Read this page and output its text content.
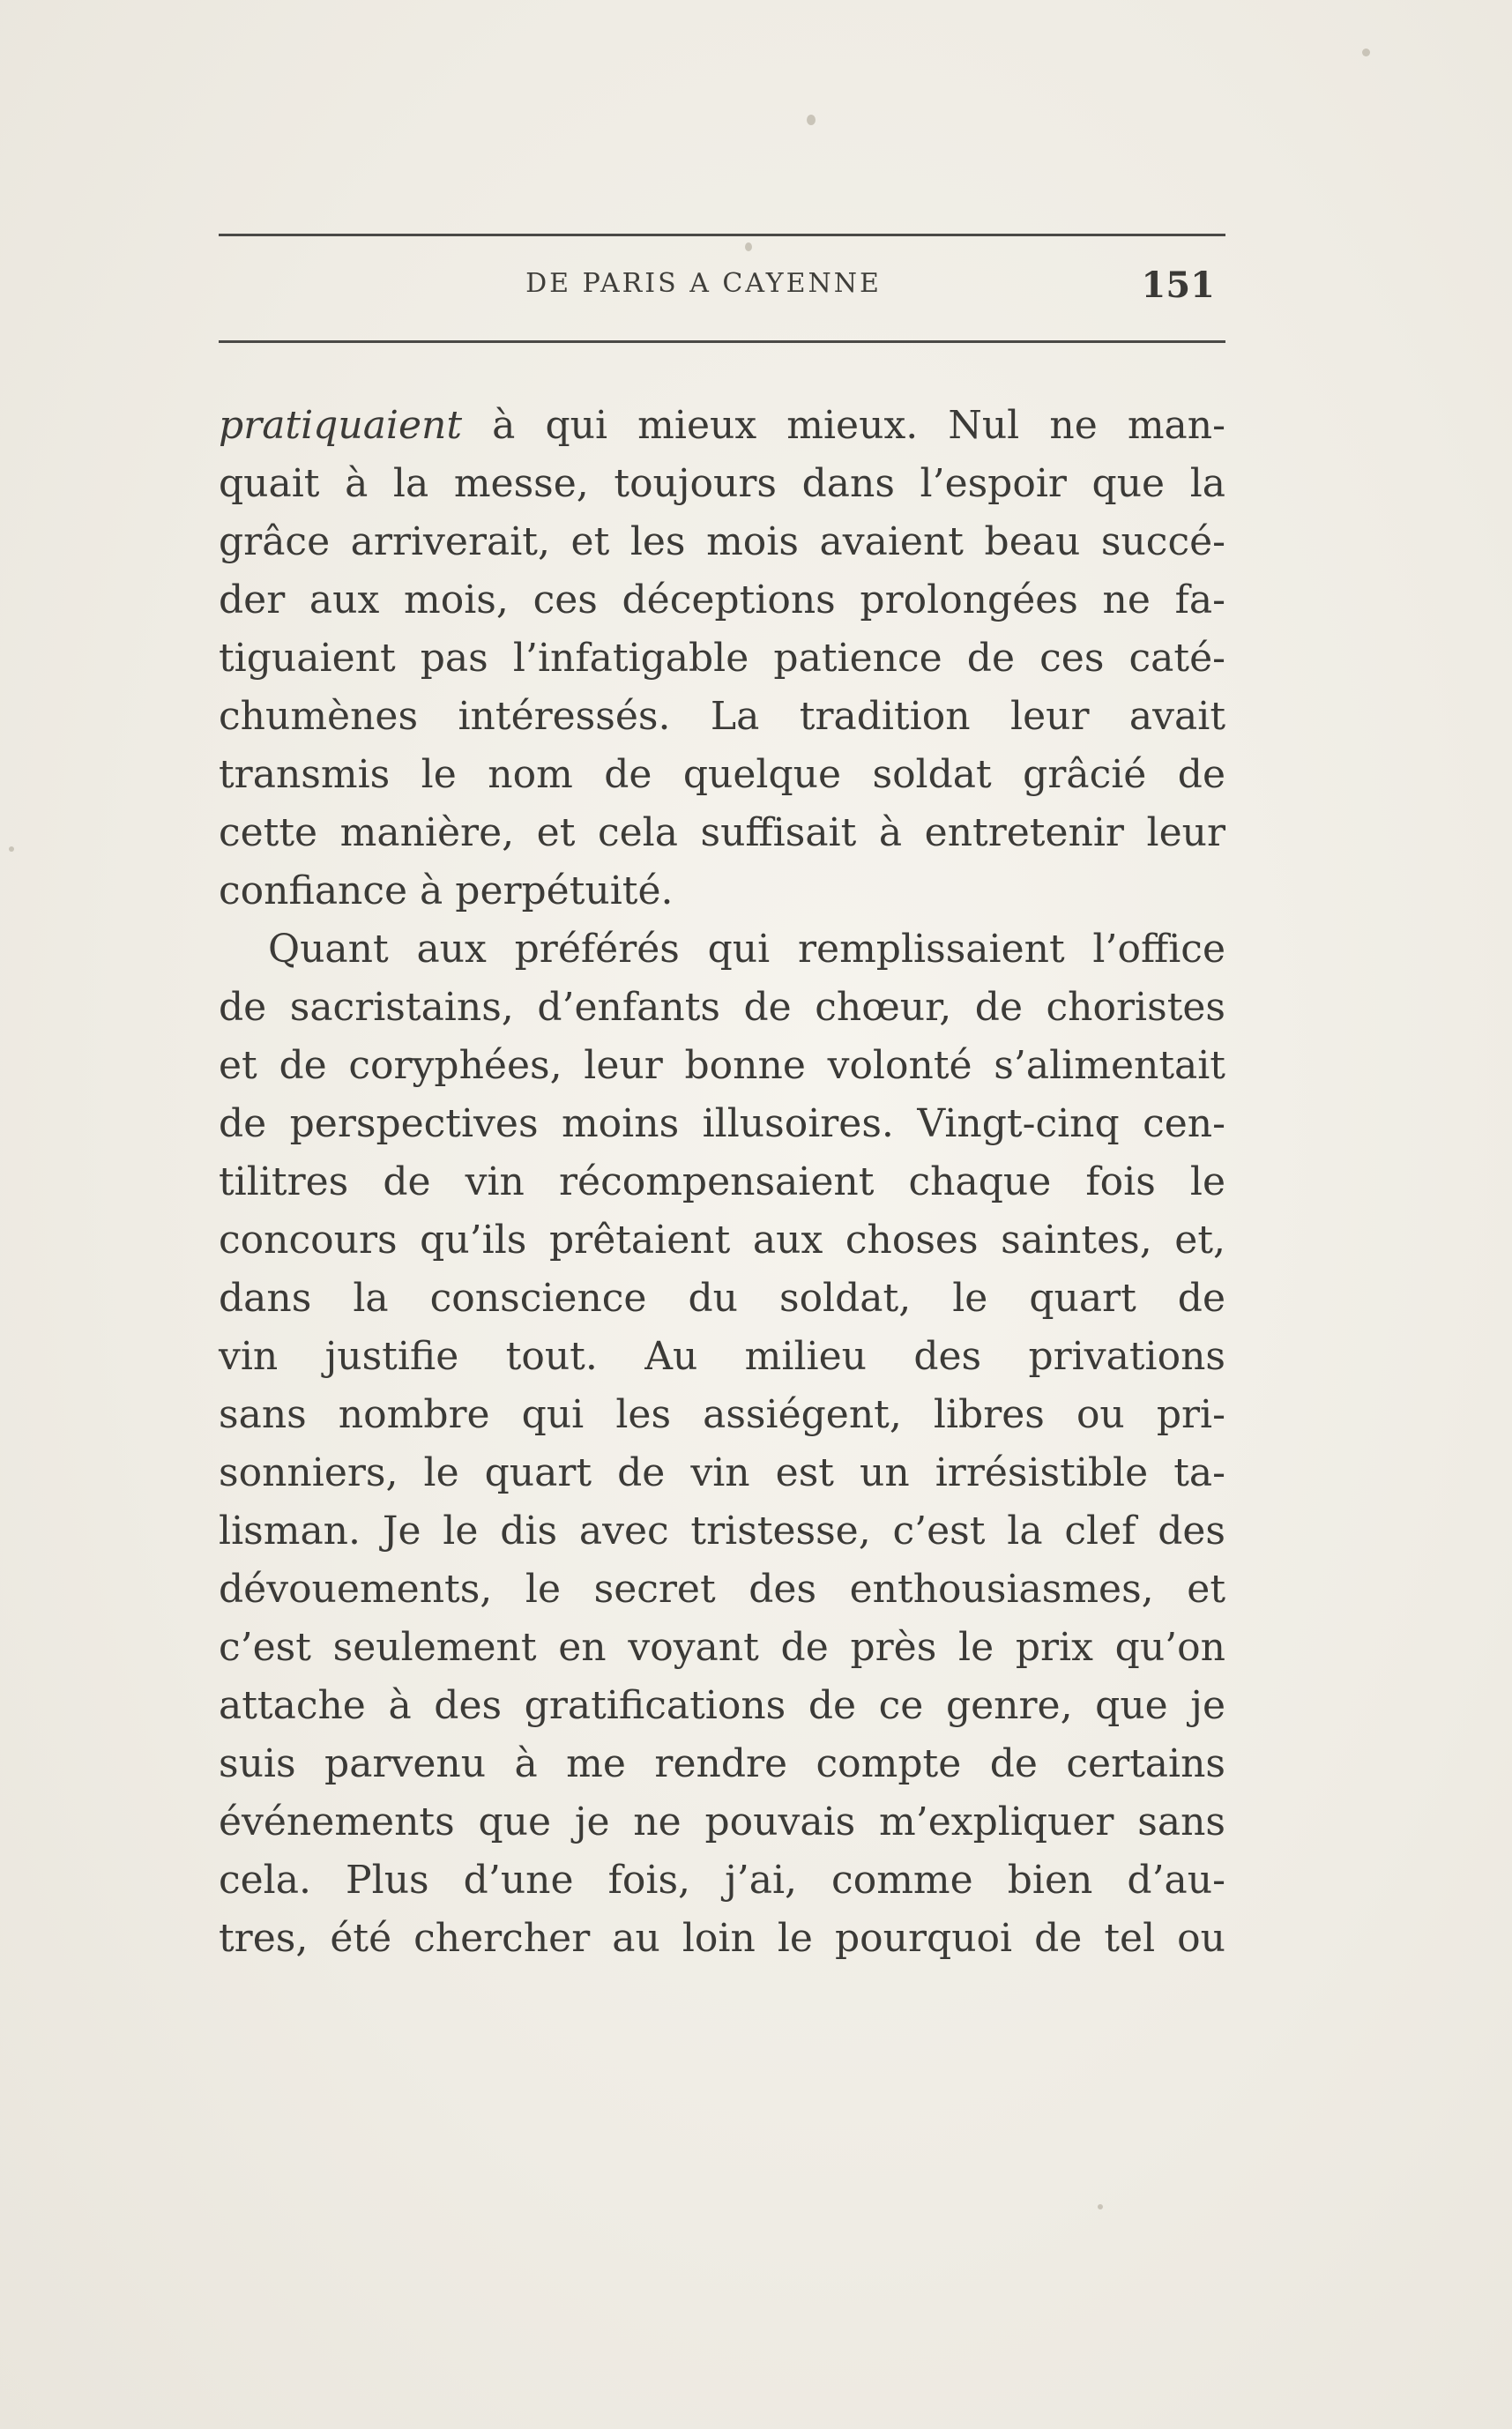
DE PARIS A CAYENNE	151
pratiquaient à qui mieux mieux. Nul ne man-
quait à la messe, toujours dans l’espoir que la
grâce arriverait, et les mois avaient beau succé-
der aux mois, ces déceptions prolongées ne fa-
tiguaient pas l’infatigable patience de ces caté-
chumènes intéressés. La tradition leur avait
transmis le nom de quelque soldat grâcié de
cette manière, et cela suffisait à entretenir leur
confiance à perpétuité.
Quant aux préférés qui remplissaient l’office
de sacristains, d’enfants de chœur, de choristes
et de coryphées, leur bonne volonté s’alimentait
de perspectives moins illusoires. Vingt-cinq cen-
tilitres de vin récompensaient chaque fois le
concours qu’ils prêtaient aux choses saintes, et,
dans la conscience du soldat, le quart de
vin justifie tout. Au milieu des privations
sans nombre qui les assiégent, libres ou pri-
sonniers, le quart de vin est un irrésistible ta-
lisman. Je le dis avec tristesse, c’est la clef des
dévouements, le secret des enthousiasmes, et
c’est seulement en voyant de près le prix qu’on
attache à des gratifications de ce genre, que je
suis parvenu à me rendre compte de certains
événements que je ne pouvais m’expliquer sans
cela. Plus d’une fois, j’ai, comme bien d’au-
tres, été chercher au loin le pourquoi de tel ou
